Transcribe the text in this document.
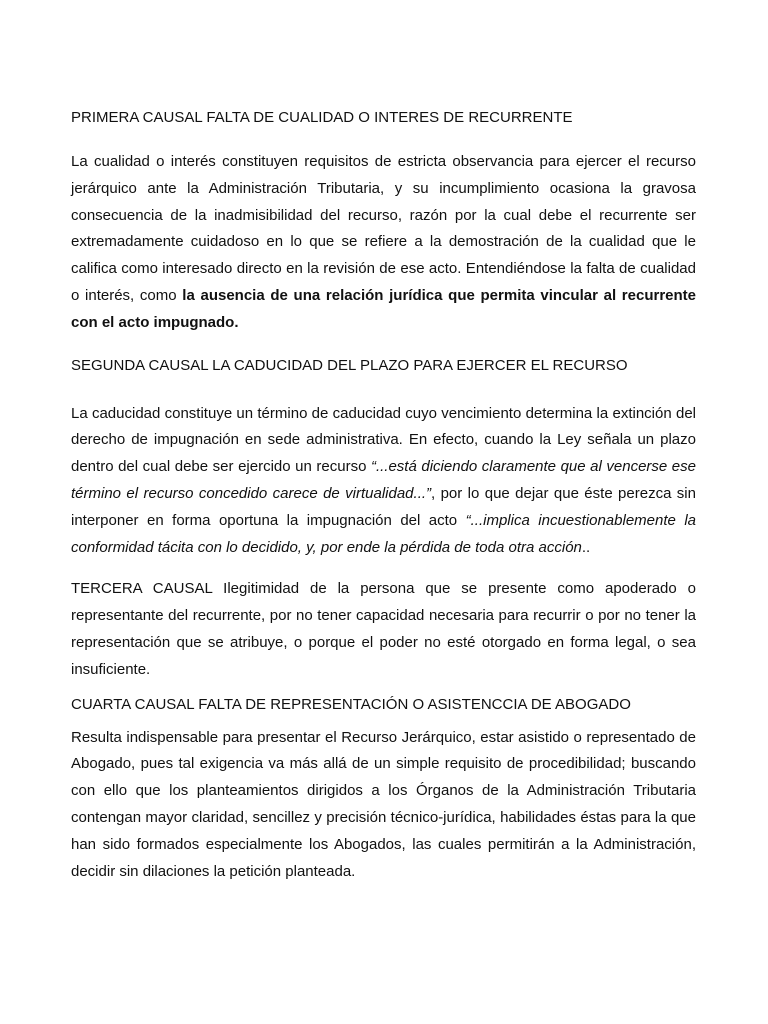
PRIMERA CAUSAL FALTA DE CUALIDAD O INTERES DE RECURRENTE

La cualidad o interés constituyen requisitos de estricta observancia para ejercer el recurso jerárquico ante la Administración Tributaria, y su incumplimiento ocasiona la gravosa consecuencia de la inadmisibilidad del recurso, razón por la cual debe el recurrente ser extremadamente cuidadoso en lo que se refiere a la demostración de la cualidad que le califica como interesado directo en la revisión de ese acto. Entendiéndose la falta de cualidad o interés, como la ausencia de una relación jurídica que permita vincular al recurrente con el acto impugnado.

SEGUNDA CAUSAL LA CADUCIDAD DEL PLAZO PARA EJERCER EL RECURSO

La caducidad constituye un término de caducidad cuyo vencimiento determina la extinción del derecho de impugnación en sede administrativa. En efecto, cuando la Ley señala un plazo dentro del cual debe ser ejercido un recurso “...está diciendo claramente que al vencerse ese término el recurso concedido carece de virtualidad...”, por lo que dejar que éste perezca sin interponer en forma oportuna la impugnación del acto “...implica incuestionablemente la conformidad tácita con lo decidido, y, por ende la pérdida de toda otra acción..

TERCERA CAUSAL Ilegitimidad de la persona que se presente como apoderado o representante del recurrente, por no tener capacidad necesaria para recurrir o por no tener la representación que se atribuye, o porque el poder no esté otorgado en forma legal, o sea insuficiente.

CUARTA CAUSAL FALTA DE REPRESENTACIÓN O ASISTENCCIA DE ABOGADO

Resulta indispensable para presentar el Recurso Jerárquico, estar asistido o representado de Abogado, pues tal exigencia va más allá de un simple requisito de procedibilidad; buscando con ello que los planteamientos dirigidos a los Órganos de la Administración Tributaria contengan mayor claridad, sencillez y precisión técnico-jurídica, habilidades éstas para la que han sido formados especialmente los Abogados, las cuales permitirán a la Administración, decidir sin dilaciones la petición planteada.
